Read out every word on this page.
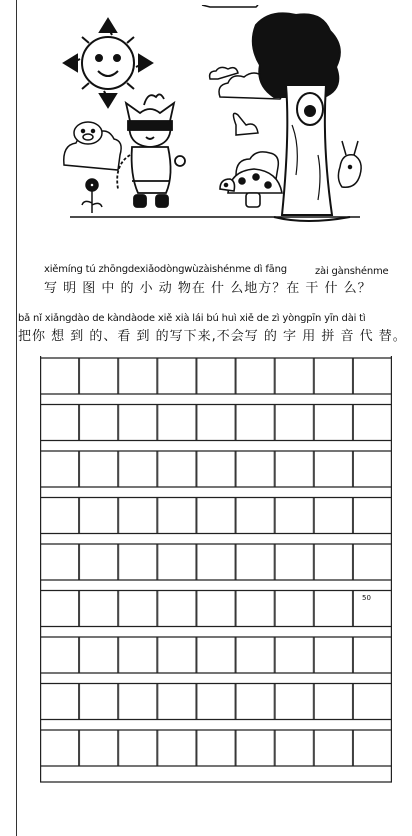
xiěmíng tú zhōngdexiǎodòngwùzàishénme dì fāng	zài gànshénme
写 明 图 中 的 小 动 物在 什 么地方？在 干 什 么？
bǎ nǐ xiǎngdào de kàndàode xiě xià lái bú huì xiě de zì yòngpīn yīn dài tì
把你 想 到 的、看 到 的写下来,不会写 的 字 用 拼 音 代 替。
50
